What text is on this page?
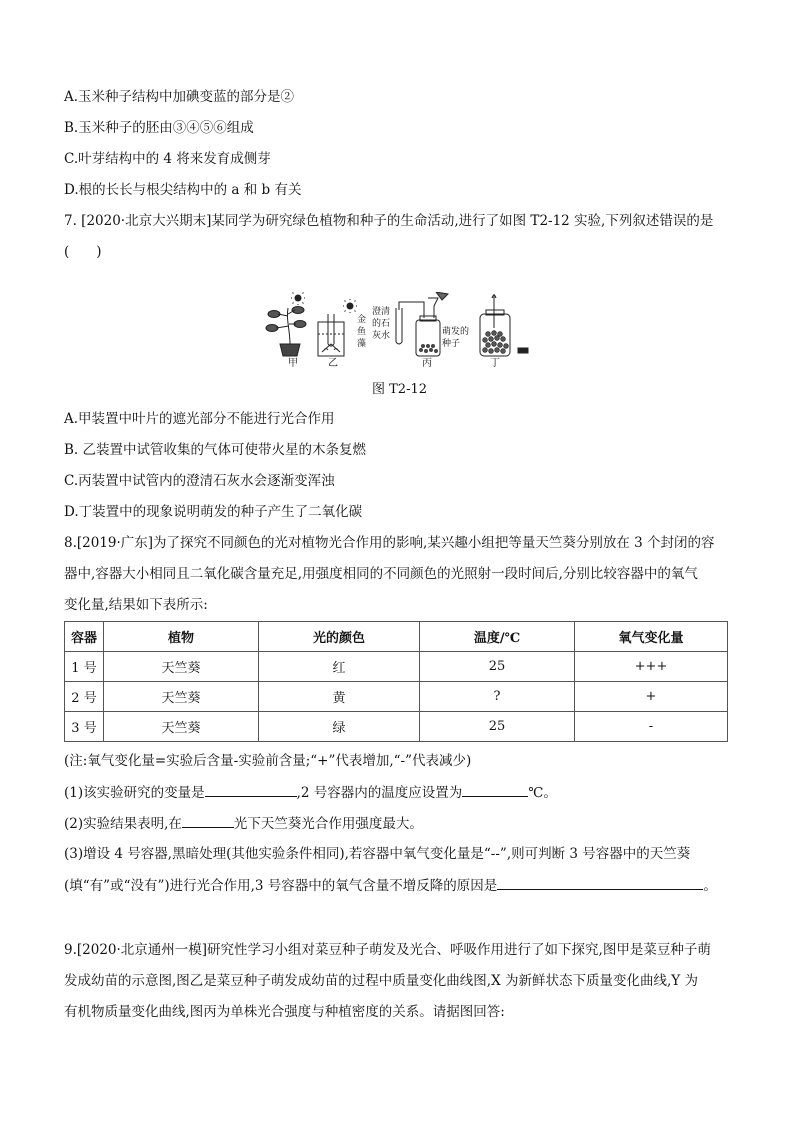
A.玉米种子结构中加碘变蓝的部分是②
B.玉米种子的胚由③④⑤⑥组成
C.叶芽结构中的 4 将来发育成侧芽
D.根的长长与根尖结构中的 a 和 b 有关
7. [2020·北京大兴期末]某同学为研究绿色植物和种子的生命活动,进行了如图 T2-12 实验,下列叙述错误的是
(　　)
甲
金
鱼
藻
乙
澄清
的石
灰水
丙
萌发的
种子
丁
图 T2-12
A.甲装置中叶片的遮光部分不能进行光合作用
B. 乙装置中试管收集的气体可使带火星的木条复燃
C.丙装置中试管内的澄清石灰水会逐渐变浑浊
D.丁装置中的现象说明萌发的种子产生了二氧化碳
8.[2019·广东]为了探究不同颜色的光对植物光合作用的影响,某兴趣小组把等量天竺葵分别放在 3 个封闭的容
器中,容器大小相同且二氧化碳含量充足,用强度相同的不同颜色的光照射一段时间后,分别比较容器中的氧气
变化量,结果如下表所示:
容器	植物	光的颜色	温度/℃	氧气变化量
1 号	天竺葵	红	25	+++
2 号	天竺葵	黄	?	+
3 号	天竺葵	绿	25	-
(注:氧气变化量=实验后含量-实验前含量;“+”代表增加,“-”代表减少)
(1)该实验研究的变量是	,2 号容器内的温度应设置为	℃。
(2)实验结果表明,在	光下天竺葵光合作用强度最大。
(3)增设 4 号容器,黑暗处理(其他实验条件相同),若容器中氧气变化量是“--”,则可判断 3 号容器中的天竺葵
(填“有”或“没有”)进行光合作用,3 号容器中的氧气含量不增反降的原因是	。
9.[2020·北京通州一模]研究性学习小组对菜豆种子萌发及光合、呼吸作用进行了如下探究,图甲是菜豆种子萌
发成幼苗的示意图,图乙是菜豆种子萌发成幼苗的过程中质量变化曲线图,X 为新鲜状态下质量变化曲线,Y 为
有机物质量变化曲线,图丙为单株光合强度与种植密度的关系。请据图回答:
